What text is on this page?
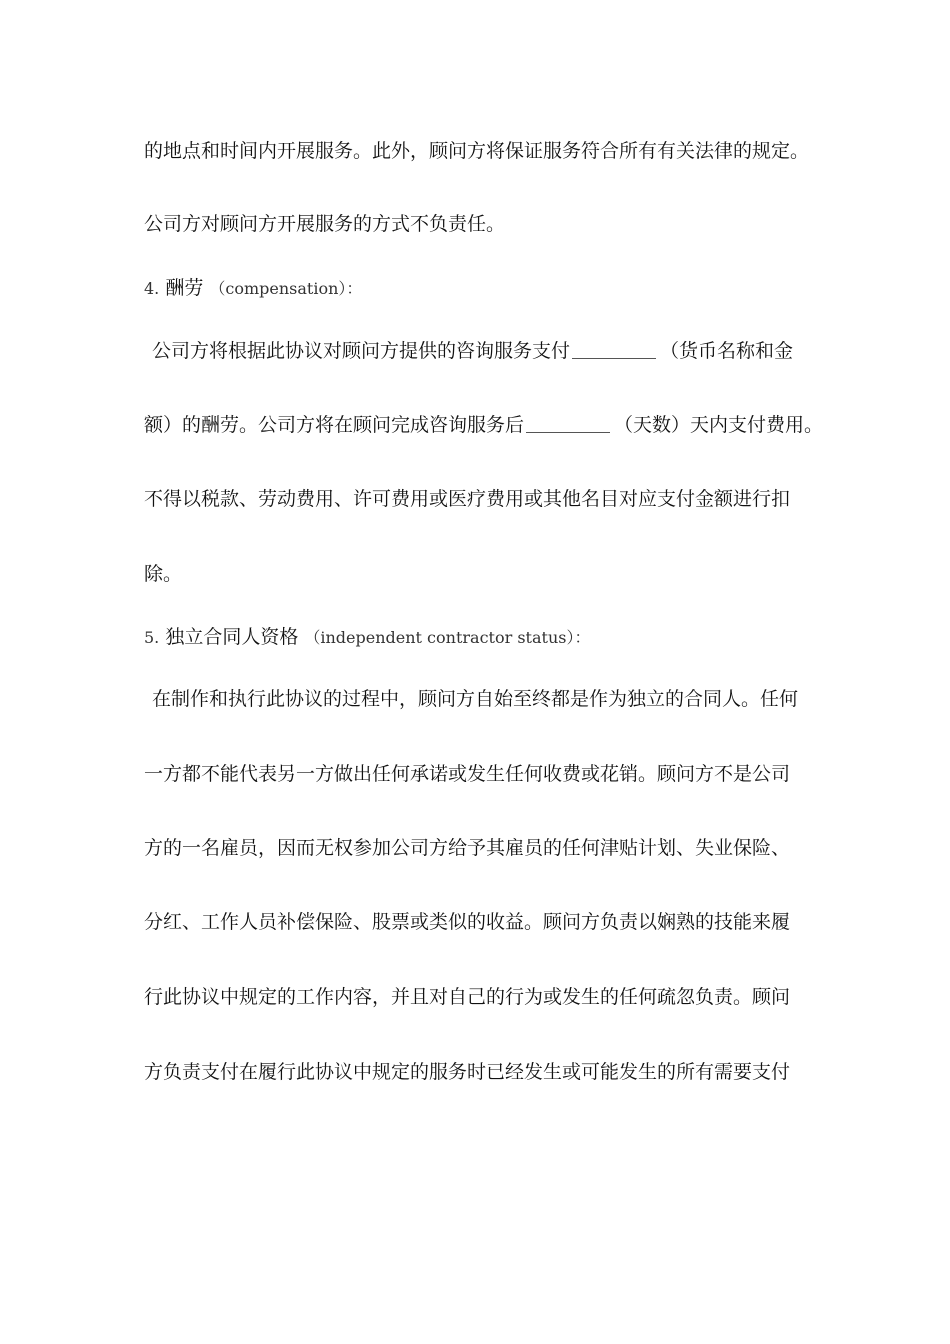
的地点和时间内开展服务。此外，顾问方将保证服务符合所有有关法律的规定。
公司方对顾问方开展服务的方式不负责任。
4. 酬劳 （compensation）：
公司方将根据此协议对顾问方提供的咨询服务支付	（货币名称和金
额）的酬劳。公司方将在顾问完成咨询服务后	（天数）天内支付费用。
不得以税款、劳动费用、许可费用或医疗费用或其他名目对应支付金额进行扣
除。
5. 独立合同人资格 （independent contractor status）：
在制作和执行此协议的过程中，顾问方自始至终都是作为独立的合同人。任何
一方都不能代表另一方做出任何承诺或发生任何收费或花销。顾问方不是公司
方的一名雇员，因而无权参加公司方给予其雇员的任何津贴计划、失业保险、
分红、工作人员补偿保险、股票或类似的收益。顾问方负责以娴熟的技能来履
行此协议中规定的工作内容，并且对自己的行为或发生的任何疏忽负责。顾问
方负责支付在履行此协议中规定的服务时已经发生或可能发生的所有需要支付
